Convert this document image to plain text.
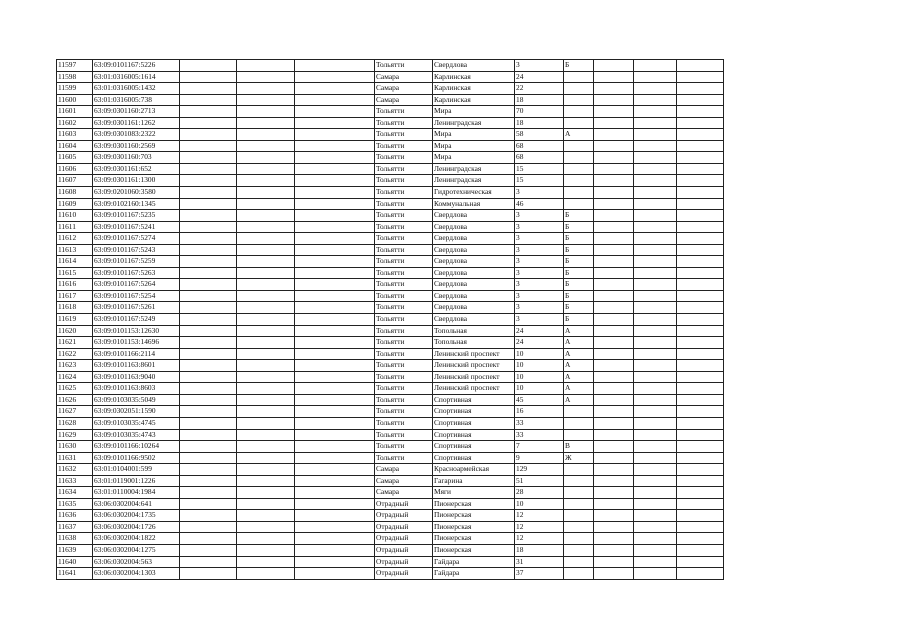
11597	63:09:0101167:5226				Тольятти	Свердлова	3	Б			
11598	63:01:0316005:1614				Самара	Карлинская	24				
11599	63:01:0316005:1432				Самара	Карлинская	22				
11600	63:01:0316005:738				Самара	Карлинская	18				
11601	63:09:0301160:2713				Тольятти	Мира	70				
11602	63:09:0301161:1262				Тольятти	Ленинградская	18				
11603	63:09:0301083:2322				Тольятти	Мира	58	А			
11604	63:09:0301160:2569				Тольятти	Мира	68				
11605	63:09:0301160:703				Тольятти	Мира	68				
11606	63:09:0301161:652				Тольятти	Ленинградская	15				
11607	63:09:0301161:1300				Тольятти	Ленинградская	15				
11608	63:09:0201060:3580				Тольятти	Гидротехническая	3				
11609	63:09:0102160:1345				Тольятти	Коммунальная	46				
11610	63:09:0101167:5235				Тольятти	Свердлова	3	Б			
11611	63:09:0101167:5241				Тольятти	Свердлова	3	Б			
11612	63:09:0101167:5274				Тольятти	Свердлова	3	Б			
11613	63:09:0101167:5243				Тольятти	Свердлова	3	Б			
11614	63:09:0101167:5259				Тольятти	Свердлова	3	Б			
11615	63:09:0101167:5263				Тольятти	Свердлова	3	Б			
11616	63:09:0101167:5264				Тольятти	Свердлова	3	Б			
11617	63:09:0101167:5254				Тольятти	Свердлова	3	Б			
11618	63:09:0101167:5261				Тольятти	Свердлова	3	Б			
11619	63:09:0101167:5249				Тольятти	Свердлова	3	Б			
11620	63:09:0101153:12630				Тольятти	Топольная	24	А			
11621	63:09:0101153:14696				Тольятти	Топольная	24	А			
11622	63:09:0101166:2114				Тольятти	Ленинский проспект	10	А			
11623	63:09:0101163:8601				Тольятти	Ленинский проспект	10	А			
11624	63:09:0101163:9040				Тольятти	Ленинский проспект	10	А			
11625	63:09:0101163:8603				Тольятти	Ленинский проспект	10	А			
11626	63:09:0103035:5049				Тольятти	Спортивная	45	А			
11627	63:09:0302051:1590				Тольятти	Спортивная	16				
11628	63:09:0103035:4745				Тольятти	Спортивная	33				
11629	63:09:0103035:4743				Тольятти	Спортивная	33				
11630	63:09:0101166:10264				Тольятти	Спортивная	7	В			
11631	63:09:0101166:9502				Тольятти	Спортивная	9	Ж			
11632	63:01:0104001:599				Самара	Красноармейская	129				
11633	63:01:0119001:1226				Самара	Гагарина	51				
11634	63:01:0110004:1984				Самара	Мяги	28				
11635	63:06:0302004:641				Отрадный	Пионерская	10				
11636	63:06:0302004:1735				Отрадный	Пионерская	12				
11637	63:06:0302004:1726				Отрадный	Пионерская	12				
11638	63:06:0302004:1822				Отрадный	Пионерская	12				
11639	63:06:0302004:1275				Отрадный	Пионерская	18				
11640	63:06:0302004:563				Отрадный	Гайдара	31				
11641	63:06:0302004:1303				Отрадный	Гайдара	37				
